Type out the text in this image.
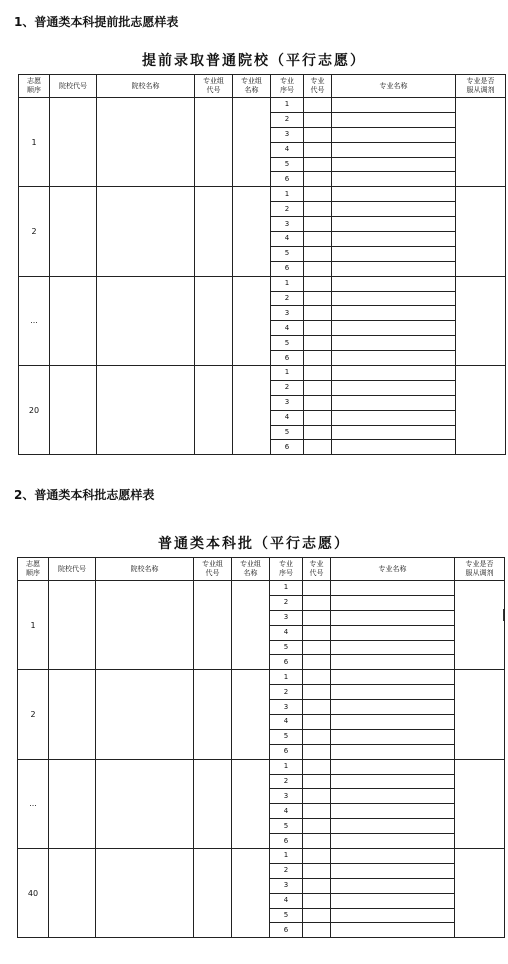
1、普通类本科提前批志愿样表
提前录取普通院校（平行志愿）
志愿
顺序	院校代号	院校名称	专业组
代号	专业组
名称	专业
序号	专业
代号	专业名称	专业是否
服从调剂
1					1			
					2			
					3			
					4			
					5			
					6			
2					1			
					2			
					3			
					4			
					5			
					6			
...					1			
					2			
					3			
					4			
					5			
					6			
20					1			
					2			
					3			
					4			
					5			
					6			
2、普通类本科批志愿样表
普通类本科批（平行志愿）
志愿
顺序	院校代号	院校名称	专业组
代号	专业组
名称	专业
序号	专业
代号	专业名称	专业是否
服从调剂
1					1			
					2			
					3			
					4			
					5			
					6			
2					1			
					2			
					3			
					4			
					5			
					6			
...					1			
					2			
					3			
					4			
					5			
					6			
40					1			
					2			
					3			
					4			
					5			
					6			
